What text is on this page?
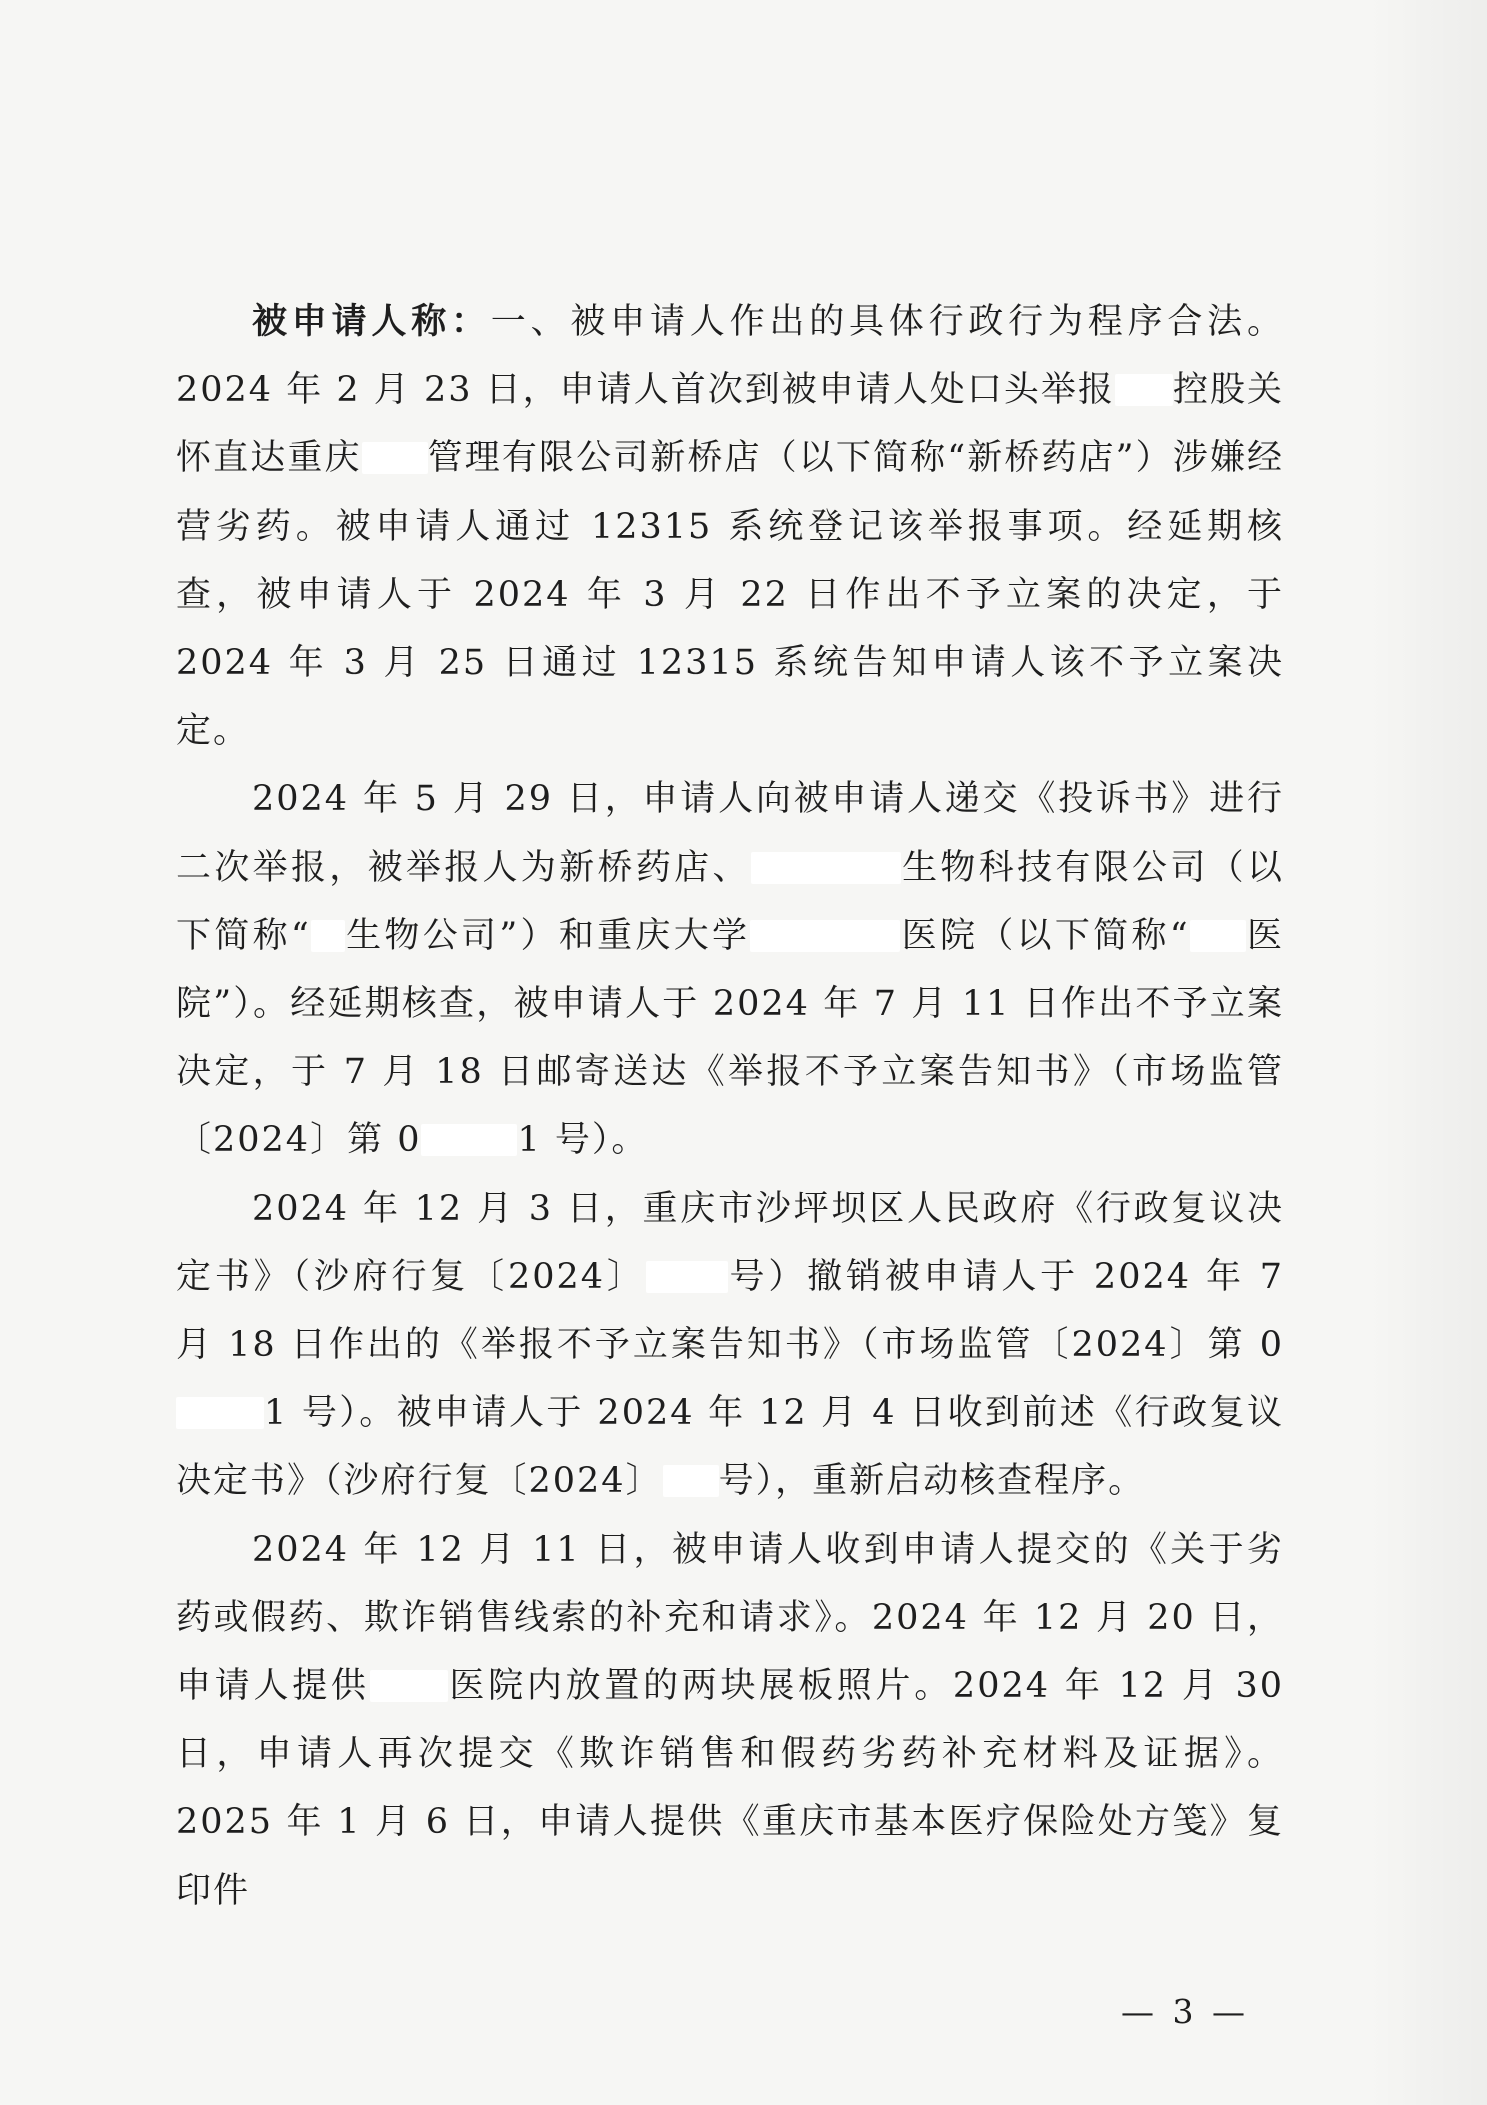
被申请人称：一、被申请人作出的具体行政行为程序合法。2024 年 2 月 23 日，申请人首次到被申请人处口头举报 控股关怀直达重庆 管理有限公司新桥店（以下简称“新桥药店”）涉嫌经营劣药。被申请人通过 12315 系统登记该举报事项。经延期核查，被申请人于 2024 年 3 月 22 日作出不予立案的决定，于 2024 年 3 月 25 日通过 12315 系统告知申请人该不予立案决定。

2024 年 5 月 29 日，申请人向被申请人递交《投诉书》进行二次举报，被举报人为新桥药店、	生物科技有限公司（以下简称“ 生物公司”）和重庆大学	医院（以下简称“ 医院”）。经延期核查，被申请人于 2024 年 7 月 11 日作出不予立案决定，于 7 月 18 日邮寄送达《举报不予立案告知书》（市场监管〔2024〕第 0	1 号）。

2024 年 12 月 3 日，重庆市沙坪坝区人民政府《行政复议决定书》（沙府行复〔2024〕 号）撤销被申请人于 2024 年 7 月 18 日作出的《举报不予立案告知书》（市场监管〔2024〕第 01 号）。被申请人于 2024 年 12 月 4 日收到前述《行政复议决定书》（沙府行复〔2024〕 号），重新启动核查程序。

2024 年 12 月 11 日，被申请人收到申请人提交的《关于劣药或假药、欺诈销售线索的补充和请求》。2024 年 12 月 20 日，申请人提供 医院内放置的两块展板照片。2024 年 12 月 30 日，申请人再次提交《欺诈销售和假药劣药补充材料及证据》。2025 年 1 月 6 日，申请人提供《重庆市基本医疗保险处方笺》复印件

— 3 —
